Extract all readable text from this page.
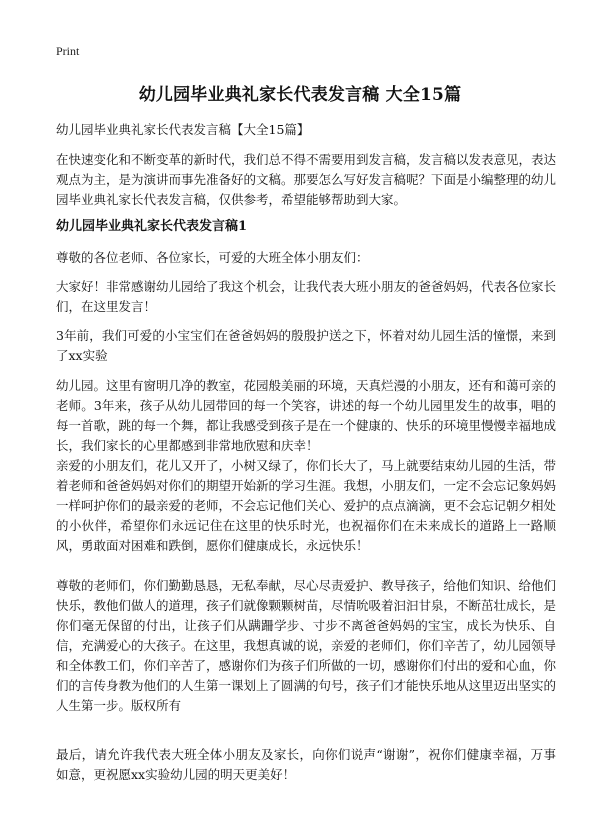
Print
幼儿园毕业典礼家长代表发言稿 大全15篇

幼儿园毕业典礼家长代表发言稿【大全15篇】

在快速变化和不断变革的新时代，我们总不得不需要用到发言稿，发言稿以发表意见，表达观点为主，是为演讲而事先准备好的文稿。那要怎么写好发言稿呢？下面是小编整理的幼儿园毕业典礼家长代表发言稿，仅供参考，希望能够帮助到大家。

幼儿园毕业典礼家长代表发言稿1

尊敬的各位老师、各位家长，可爱的大班全体小朋友们：

大家好！非常感谢幼儿园给了我这个机会，让我代表大班小朋友的爸爸妈妈，代表各位家长们，在这里发言！

3年前，我们可爱的小宝宝们在爸爸妈妈的殷殷护送之下，怀着对幼儿园生活的憧憬，来到了xx实验

幼儿园。这里有窗明几净的教室，花园般美丽的环境，天真烂漫的小朋友，还有和蔼可亲的老师。3年来，孩子从幼儿园带回的每一个笑容，讲述的每一个幼儿园里发生的故事，唱的 每一首歌，跳的每一个舞，都让我感受到孩子是在一个健康的、快乐的环境里慢慢幸福地成长，我们家长的心里都感到非常地欣慰和庆幸！

亲爱的小朋友们，花儿又开了，小树又绿了，你们长大了，马上就要结束幼儿园的生活，带着老师和爸爸妈妈对你们的期望开始新的学习生涯。我想，小朋友们，一定不会忘记象妈妈一样呵护你们的最亲爱的老师，不会忘记他们关心、爱护的点点滴滴，更不会忘记朝夕相处的小伙伴，希望你们永远记住在这里的快乐时光，也祝福你们在未来成长的道路上一路顺风，勇敢面对困难和跌倒，愿你们健康成长，永远快乐！

尊敬的老师们，你们勤勤恳恳，无私奉献，尽心尽责爱护、教导孩子，给他们知识、给他们快乐，教他们做人的道理，孩子们就像颗颗树苗，尽情吮吸着汩汩甘泉，不断茁壮成长，是你们毫无保留的付出，让孩子们从蹒跚学步、寸步不离爸爸妈妈的宝宝，成长为快乐、自信，充满爱心的大孩子。在这里，我想真诚的说，亲爱的老师们，你们辛苦了，幼儿园领导和全体教工们，你们辛苦了，感谢你们为孩子们所做的一切，感谢你们付出的爱和心血，你们的言传身教为他们的人生第一课划上了圆满的句号，孩子们才能快乐地从这里迈出坚实的人生第一步。版权所有

最后，请允许我代表大班全体小朋友及家长，向你们说声“谢谢”，祝你们健康幸福，万事如意，更祝愿xx实验幼儿园的明天更美好！
